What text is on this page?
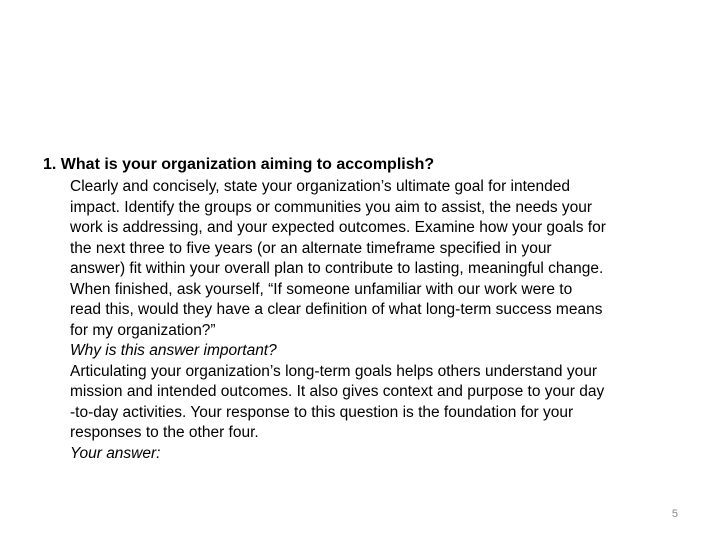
1. What is your organization aiming to accomplish?

Clearly and concisely, state your organization’s ultimate goal for intended
impact. Identify the groups or communities you aim to assist, the needs your
work is addressing, and your expected outcomes. Examine how your goals for
the next three to five years (or an alternate timeframe specified in your
answer) fit within your overall plan to contribute to lasting, meaningful change.
When finished, ask yourself, “If someone unfamiliar with our work were to
read this, would they have a clear definition of what long-term success means
for my organization?”

Why is this answer important?

Articulating your organization’s long-term goals helps others understand your
mission and intended outcomes. It also gives context and purpose to your day
-to-day activities. Your response to this question is the foundation for your
responses to the other four.

Your answer:

5
